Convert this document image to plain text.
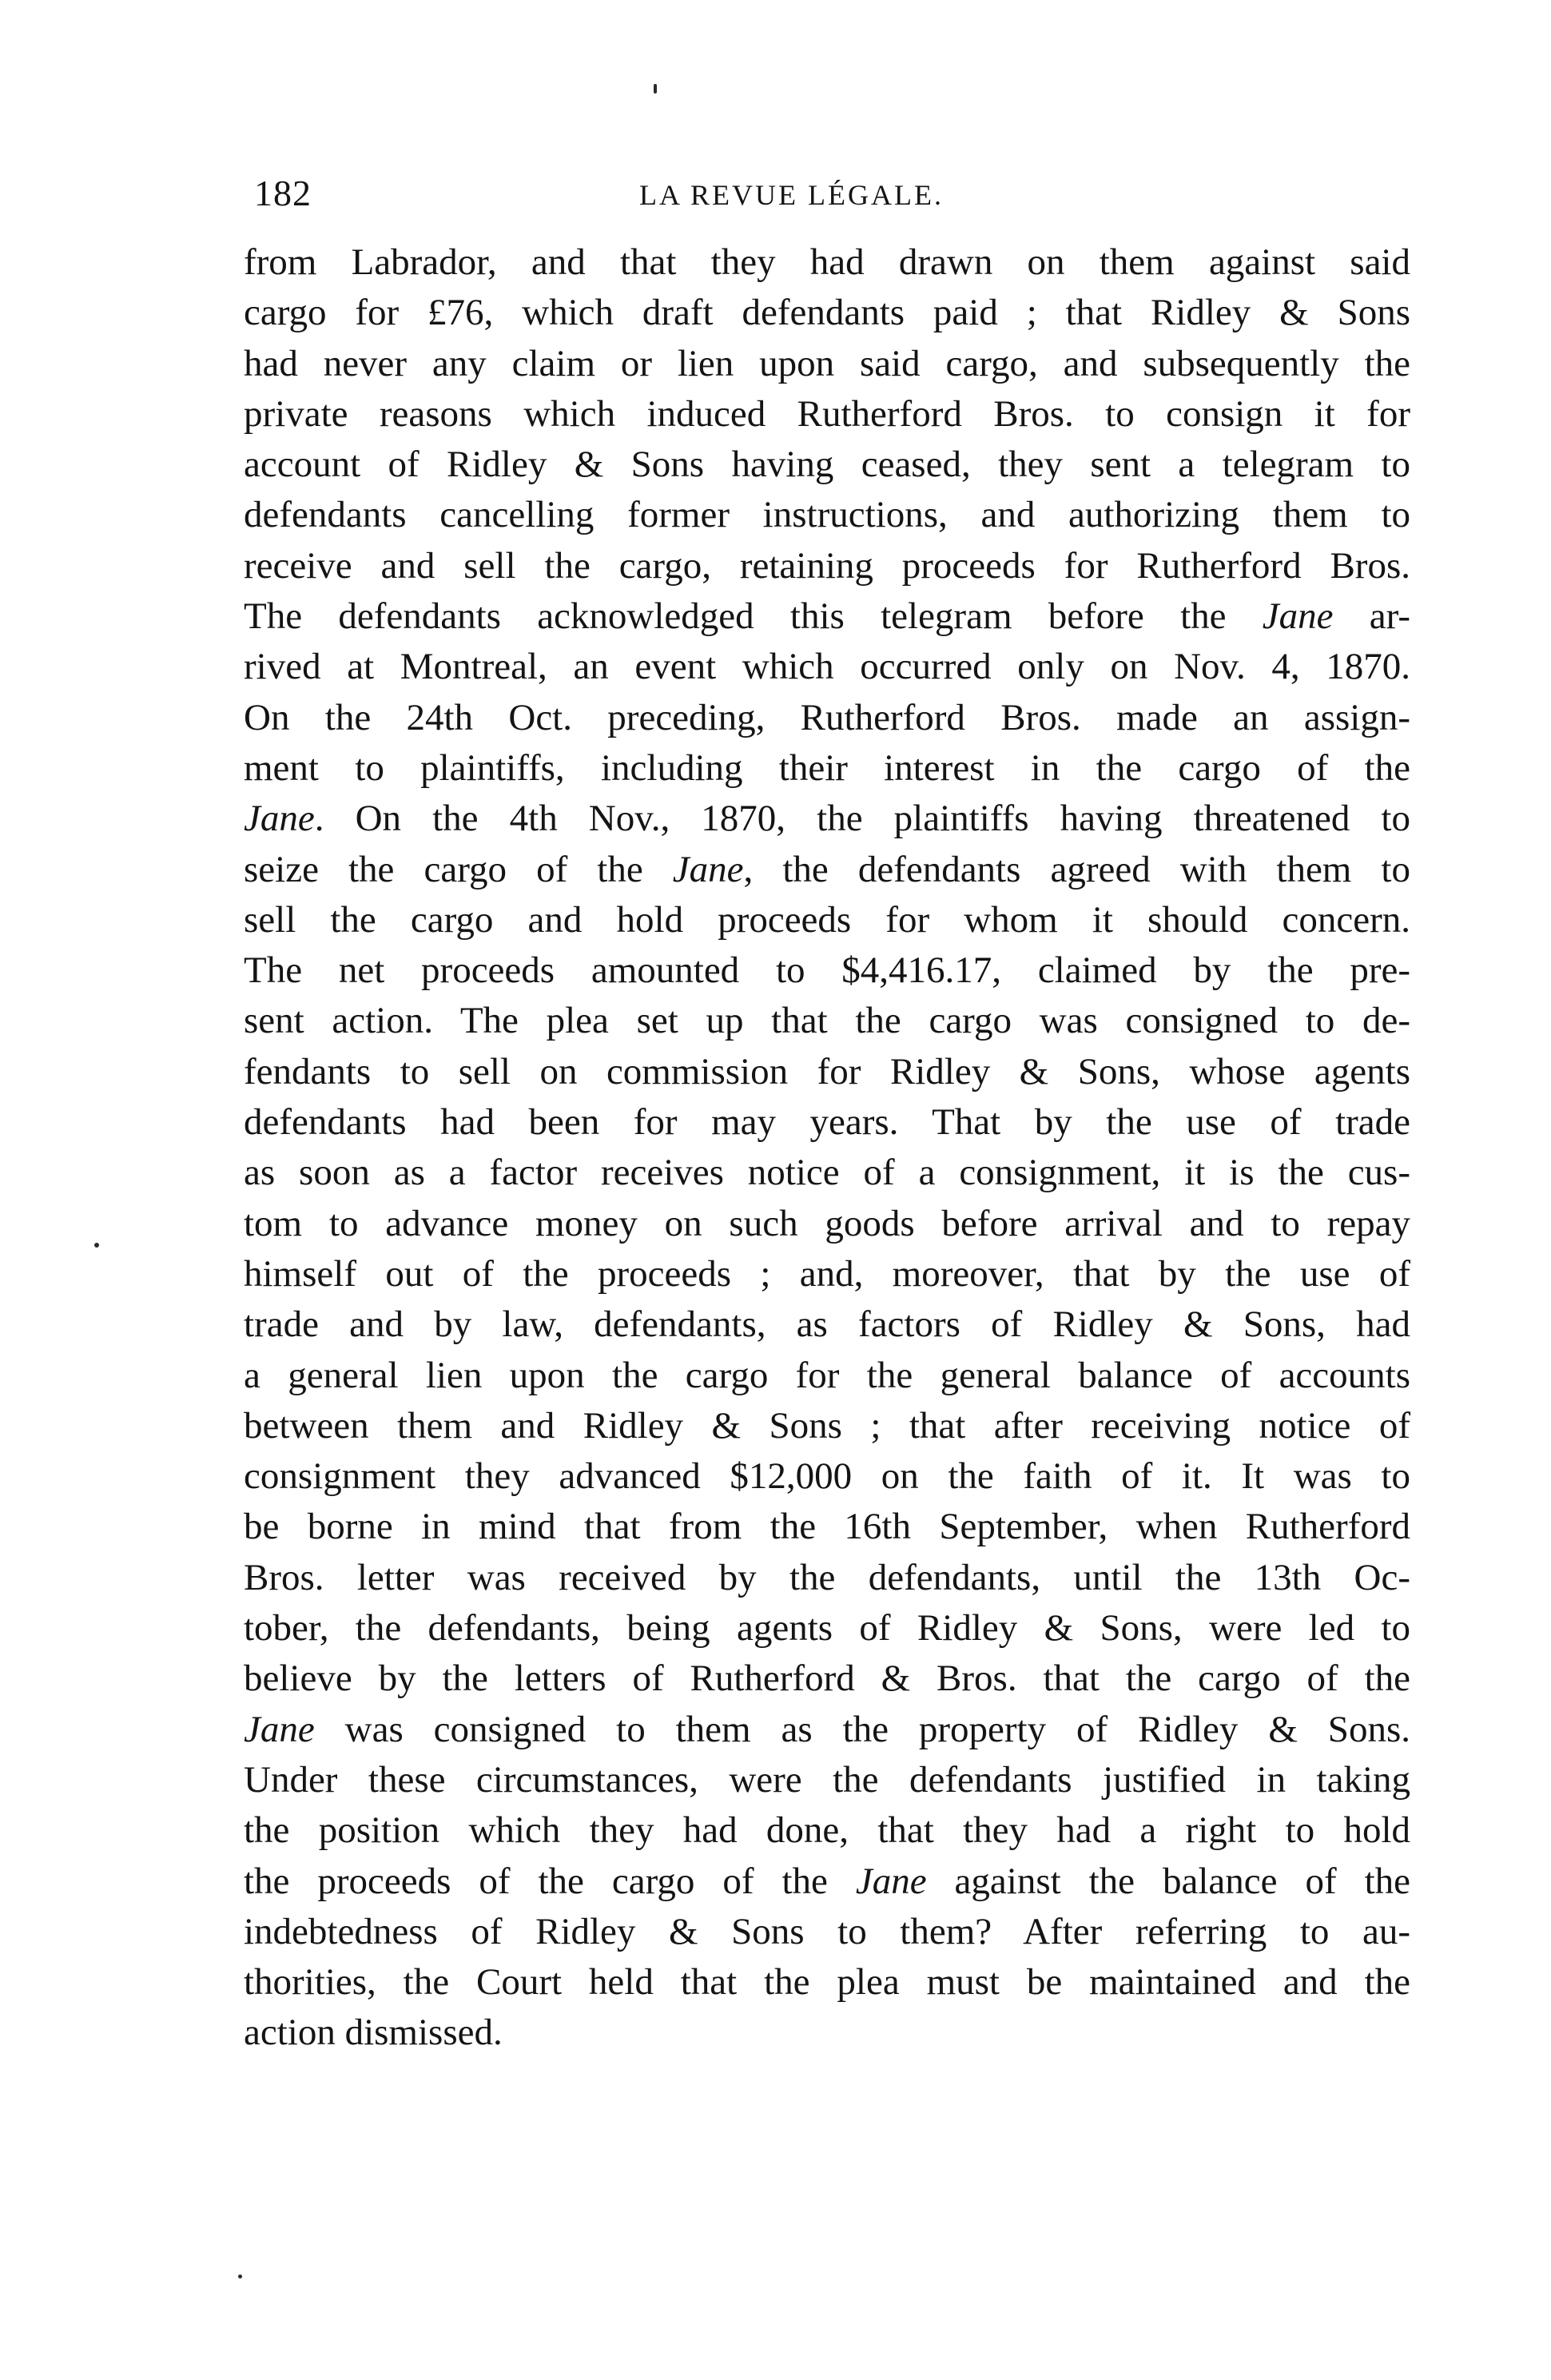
182	LA REVUE LÉGALE.
from Labrador, and that they had drawn on them against said
cargo for £76, which draft defendants paid ; that Ridley & Sons
had never any claim or lien upon said cargo, and subsequently the
private reasons which induced Rutherford Bros. to consign it for
account of Ridley & Sons having ceased, they sent a telegram to
defendants cancelling former instructions, and authorizing them to
receive and sell the cargo, retaining proceeds for Rutherford Bros.
The defendants acknowledged this telegram before the Jane ar-
rived at Montreal, an event which occurred only on Nov. 4, 1870.
On the 24th Oct. preceding, Rutherford Bros. made an assign-
ment to plaintiffs, including their interest in the cargo of the
Jane. On the 4th Nov., 1870, the plaintiffs having threatened to
seize the cargo of the Jane, the defendants agreed with them to
sell the cargo and hold proceeds for whom it should concern.
The net proceeds amounted to $4,416.17, claimed by the pre-
sent action. The plea set up that the cargo was consigned to de-
fendants to sell on commission for Ridley & Sons, whose agents
defendants had been for may years. That by the use of trade
as soon as a factor receives notice of a consignment, it is the cus-
tom to advance money on such goods before arrival and to repay
himself out of the proceeds ; and, moreover, that by the use of
trade and by law, defendants, as factors of Ridley & Sons, had
a general lien upon the cargo for the general balance of accounts
between them and Ridley & Sons ; that after receiving notice of
consignment they advanced $12,000 on the faith of it. It was to
be borne in mind that from the 16th September, when Rutherford
Bros. letter was received by the defendants, until the 13th Oc-
tober, the defendants, being agents of Ridley & Sons, were led to
believe by the letters of Rutherford & Bros. that the cargo of the
Jane was consigned to them as the property of Ridley & Sons.
Under these circumstances, were the defendants justified in taking
the position which they had done, that they had a right to hold
the proceeds of the cargo of the Jane against the balance of the
indebtedness of Ridley & Sons to them? After referring to au-
thorities, the Court held that the plea must be maintained and the
action dismissed.
